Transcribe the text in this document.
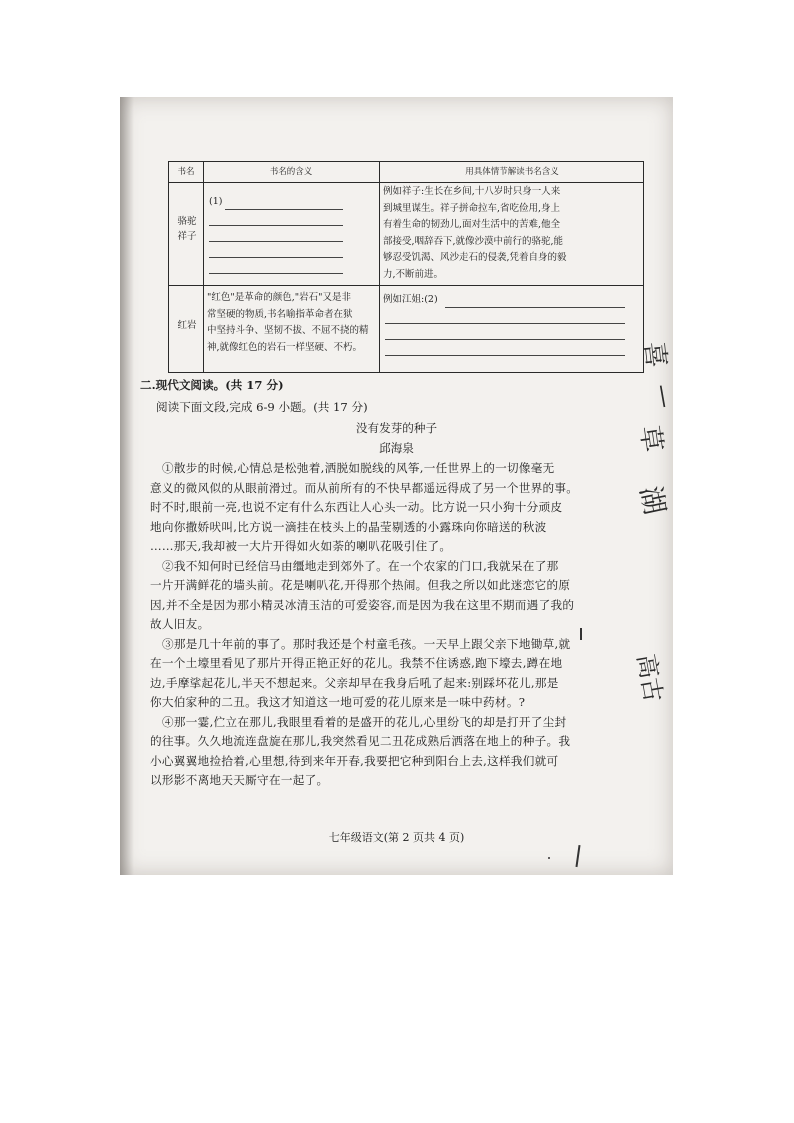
书名	书名的含义	用具体情节解读书名含义
骆驼
祥子
(1)
例如祥子:生长在乡间,十八岁时只身一人来
到城里谋生。祥子拼命拉车,省吃俭用,身上
有着生命的韧劲儿,面对生活中的苦难,他全
部接受,咽辞吞下,就像沙漠中前行的骆驼,能
够忍受饥渴、风沙走石的侵袭,凭着自身的毅
力,不断前进。
红岩
"红色"是革命的颜色,"岩石"又是非
常坚硬的物质,书名喻指革命者在狱
中坚持斗争、坚韧不拔、不屈不挠的精
神,就像红色的岩石一样坚硬、不朽。
例如江姐:(2)
二.现代文阅读。(共 17 分)
阅读下面文段,完成 6-9 小题。(共 17 分)
没有发芽的种子
邱海泉

①散步的时候,心情总是松弛着,洒脱如脱线的风筝,一任世界上的一切像毫无

意义的微风似的从眼前滑过。而从前所有的不快早都遥远得成了另一个世界的事。

时不时,眼前一亮,也说不定有什么东西让人心头一动。比方说一只小狗十分顽皮

地向你撒娇吠叫,比方说一滴挂在枝头上的晶莹剔透的小露珠向你暗送的秋波

……那天,我却被一大片开得如火如荼的喇叭花吸引住了。

②我不知何时已经信马由缰地走到郊外了。在一个农家的门口,我就呆在了那

一片开满鲜花的墙头前。花是喇叭花,开得那个热闹。但我之所以如此迷恋它的原

因,并不全是因为那小精灵冰清玉洁的可爱姿容,而是因为我在这里不期而遇了我的

故人旧友。

③那是几十年前的事了。那时我还是个村童毛孩。一天早上跟父亲下地锄草,就

在一个土壕里看见了那片开得正艳正好的花儿。我禁不住诱惑,跑下壕去,蹲在地

边,手摩挲起花儿,半天不想起来。父亲却早在我身后吼了起来:别踩坏花儿,那是

你大伯家种的二丑。我这才知道这一地可爱的花儿原来是一味中药材。?

④那一霎,伫立在那儿,我眼里看着的是盛开的花儿,心里纷飞的却是打开了尘封

的往事。久久地流连盘旋在那儿,我突然看见二丑花成熟后洒落在地上的种子。我

小心翼翼地捡拾着,心里想,待到来年开春,我要把它种到阳台上去,这样我们就可

以形影不离地天天厮守在一起了。

七年级语文(第 2 页共 4 页)
喜
—
草
湖
高古
